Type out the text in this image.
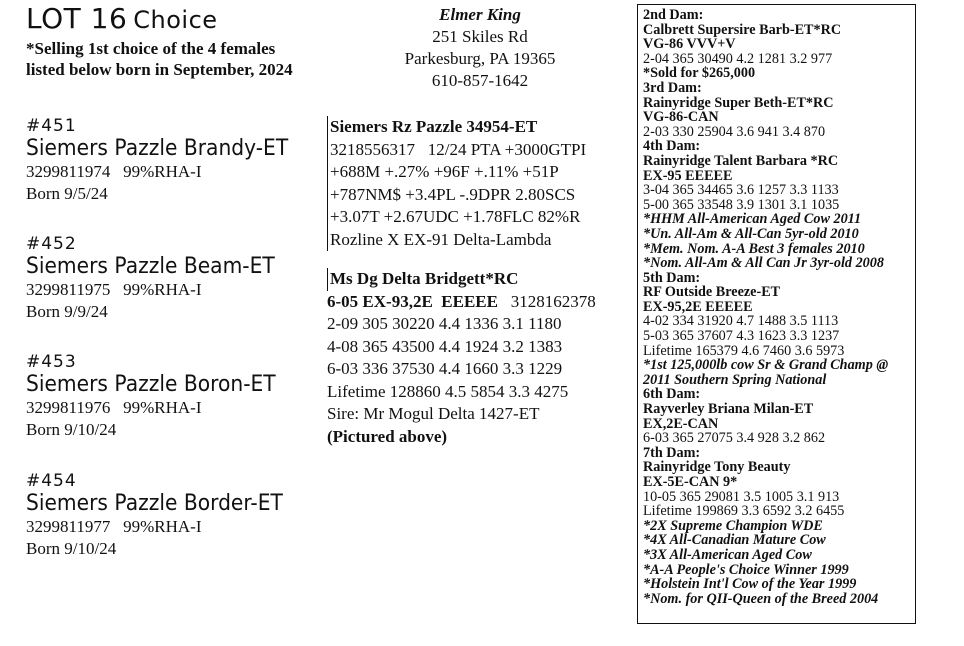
LOT 16 Choice
*Selling 1st choice of the 4 females
listed below born in September, 2024
#451
Siemers Pazzle Brandy-ET
3299811974   99%RHA-I
Born 9/5/24
#452
Siemers Pazzle Beam-ET
3299811975   99%RHA-I
Born 9/9/24
#453
Siemers Pazzle Boron-ET
3299811976   99%RHA-I
Born 9/10/24
#454
Siemers Pazzle Border-ET
3299811977   99%RHA-I
Born 9/10/24
Elmer King
251 Skiles Rd
Parkesburg, PA 19365
610-857-1642
Siemers Rz Pazzle 34954-ET
3218556317   12/24 PTA +3000GTPI
+688M +.27% +96F +.11% +51P
+787NM$ +3.4PL -.9DPR 2.80SCS
+3.07T +2.67UDC +1.78FLC 82%R
Rozline X EX-91 Delta-Lambda
Ms Dg Delta Bridgett*RC
6-05 EX-93,2E  EEEEE 3128162378
2-09 305 30220 4.4 1336 3.1 1180
4-08 365 43500 4.4 1924 3.2 1383
6-03 336 37530 4.4 1660 3.3 1229
Lifetime 128860 4.5 5854 3.3 4275
Sire: Mr Mogul Delta 1427-ET
(Pictured above)
2nd Dam:
Calbrett Supersire Barb-ET*RC
VG-86 VVV+V
2-04 365 30490 4.2 1281 3.2 977
*Sold for $265,000
3rd Dam:
Rainyridge Super Beth-ET*RC
VG-86-CAN
2-03 330 25904 3.6 941 3.4 870
4th Dam:
Rainyridge Talent Barbara *RC
EX-95 EEEEE
3-04 365 34465 3.6 1257 3.3 1133
5-00 365 33548 3.9 1301 3.1 1035
*HHM All-American Aged Cow 2011
*Un. All-Am & All-Can 5yr-old 2010
*Mem. Nom. A-A Best 3 females 2010
*Nom. All-Am & All Can Jr 3yr-old 2008
5th Dam:
RF Outside Breeze-ET
EX-95,2E EEEEE
4-02 334 31920 4.7 1488 3.5 1113
5-03 365 37607 4.3 1623 3.3 1237
Lifetime 165379 4.6 7460 3.6 5973
*1st 125,000lb cow Sr & Grand Champ @
2011 Southern Spring National
6th Dam:
Rayverley Briana Milan-ET
EX,2E-CAN
6-03 365 27075 3.4 928 3.2 862
7th Dam:
Rainyridge Tony Beauty
EX-5E-CAN 9*
10-05 365 29081 3.5 1005 3.1 913
Lifetime 199869 3.3 6592 3.2 6455
*2X Supreme Champion WDE
*4X All-Canadian Mature Cow
*3X All-American Aged Cow
*A-A People's Choice Winner 1999
*Holstein Int'l Cow of the Year 1999
*Nom. for QII-Queen of the Breed 2004
